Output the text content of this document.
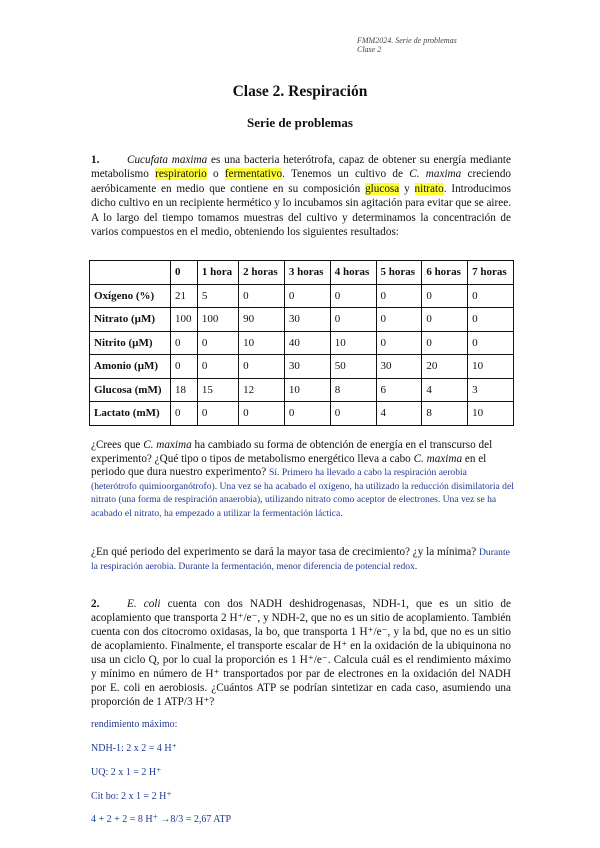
FMM2024. Serie de problemas
Clase 2
Clase 2. Respiración
Serie de problemas
1. Cucufata maxima es una bacteria heterótrofa, capaz de obtener su energía mediante metabolismo respiratorio o fermentativo. Tenemos un cultivo de C. maxima creciendo aeróbicamente en medio que contiene en su composición glucosa y nitrato. Introducimos dicho cultivo en un recipiente hermético y lo incubamos sin agitación para evitar que se airee. A lo largo del tiempo tomamos muestras del cultivo y determinamos la concentración de varios compuestos en el medio, obteniendo los siguientes resultados:
	0	1 hora	2 horas	3 horas	4 horas	5 horas	6 horas	7 horas
Oxígeno (%)	21	5	0	0	0	0	0	0
Nitrato (µM)	100	100	90	30	0	0	0	0
Nitrito (µM)	0	0	10	40	10	0	0	0
Amonio (µM)	0	0	0	30	50	30	20	10
Glucosa (mM)	18	15	12	10	8	6	4	3
Lactato (mM)	0	0	0	0	0	4	8	10
¿Crees que C. maxima ha cambiado su forma de obtención de energía en el transcurso del experimento? ¿Qué tipo o tipos de metabolismo energético lleva a cabo C. maxima en el periodo que dura nuestro experimento? Sí. Primero ha llevado a cabo la respiración aerobia (heterótrofo quimioorganótrofo). Una vez se ha acabado el oxígeno, ha utilizado la reducción disimilatoria del nitrato (una forma de respiración anaerobia), utilizando nitrato como aceptor de electrones. Una vez se ha acabado el nitrato, ha empezado a utilizar la fermentación láctica.
¿En qué periodo del experimento se dará la mayor tasa de crecimiento? ¿y la mínima? Durante la respiración aerobia. Durante la fermentación, menor diferencia de potencial redox.
2. E. coli cuenta con dos NADH deshidrogenasas, NDH-1, que es un sitio de acoplamiento que transporta 2 H⁺/e⁻, y NDH-2, que no es un sitio de acoplamiento. También cuenta con dos citocromo oxidasas, la bo, que transporta 1 H⁺/e⁻, y la bd, que no es un sitio de acoplamiento. Finalmente, el transporte escalar de H⁺ en la oxidación de la ubiquinona no usa un ciclo Q, por lo cual la proporción es 1 H⁺/e⁻. Calcula cuál es el rendimiento máximo y mínimo en número de H⁺ transportados por par de electrones en la oxidación del NADH por E. coli en aerobiosis. ¿Cuántos ATP se podrían sintetizar en cada caso, asumiendo una proporción de 1 ATP/3 H⁺?
rendimiento máximo:
NDH-1: 2 x 2 = 4 H⁺
UQ: 2 x 1 = 2 H⁺
Cit bo: 2 x 1 = 2 H⁺
4 + 2 + 2 = 8 H⁺ →8/3 = 2,67 ATP
